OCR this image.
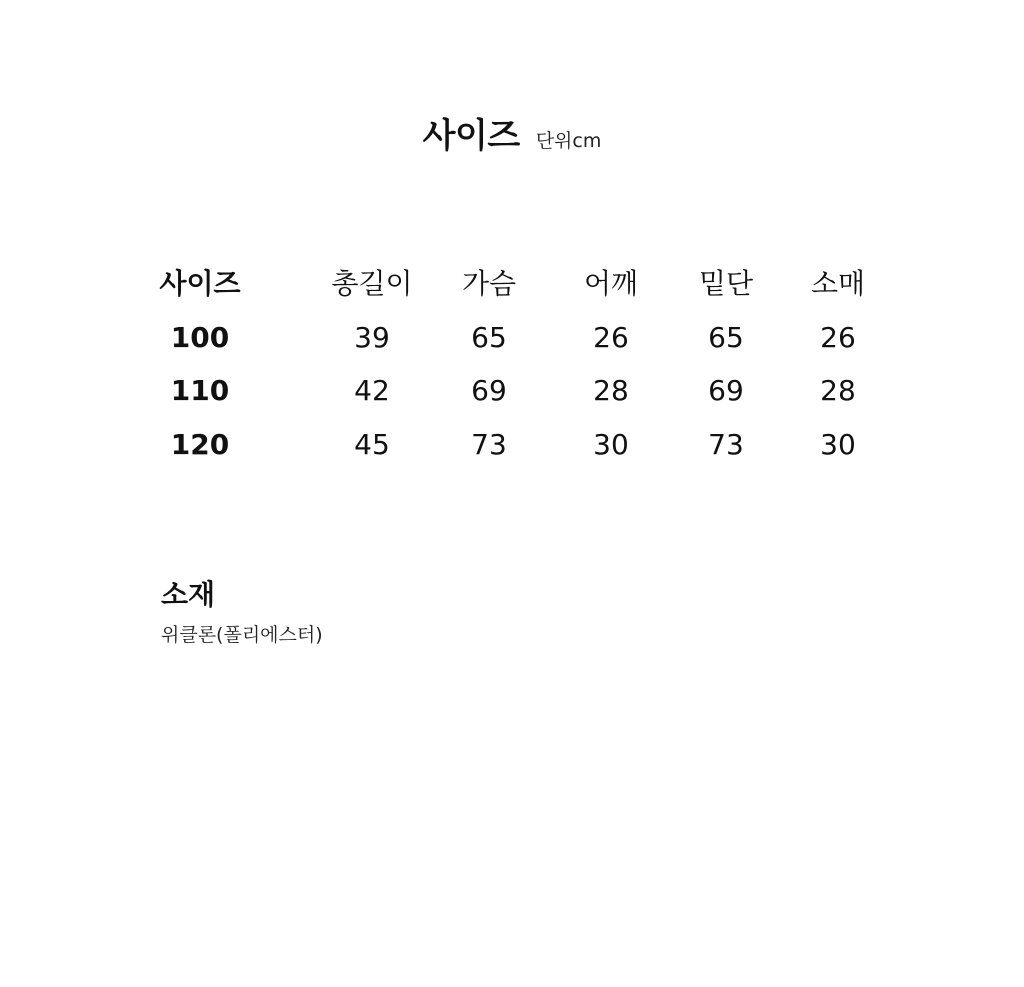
사이즈 단위cm
사이즈	총길이	가슴	어깨	밑단	소매
100	39	65	26	65	26
110	42	69	28	69	28
120	45	73	30	73	30
소재
위클론(폴리에스터)
